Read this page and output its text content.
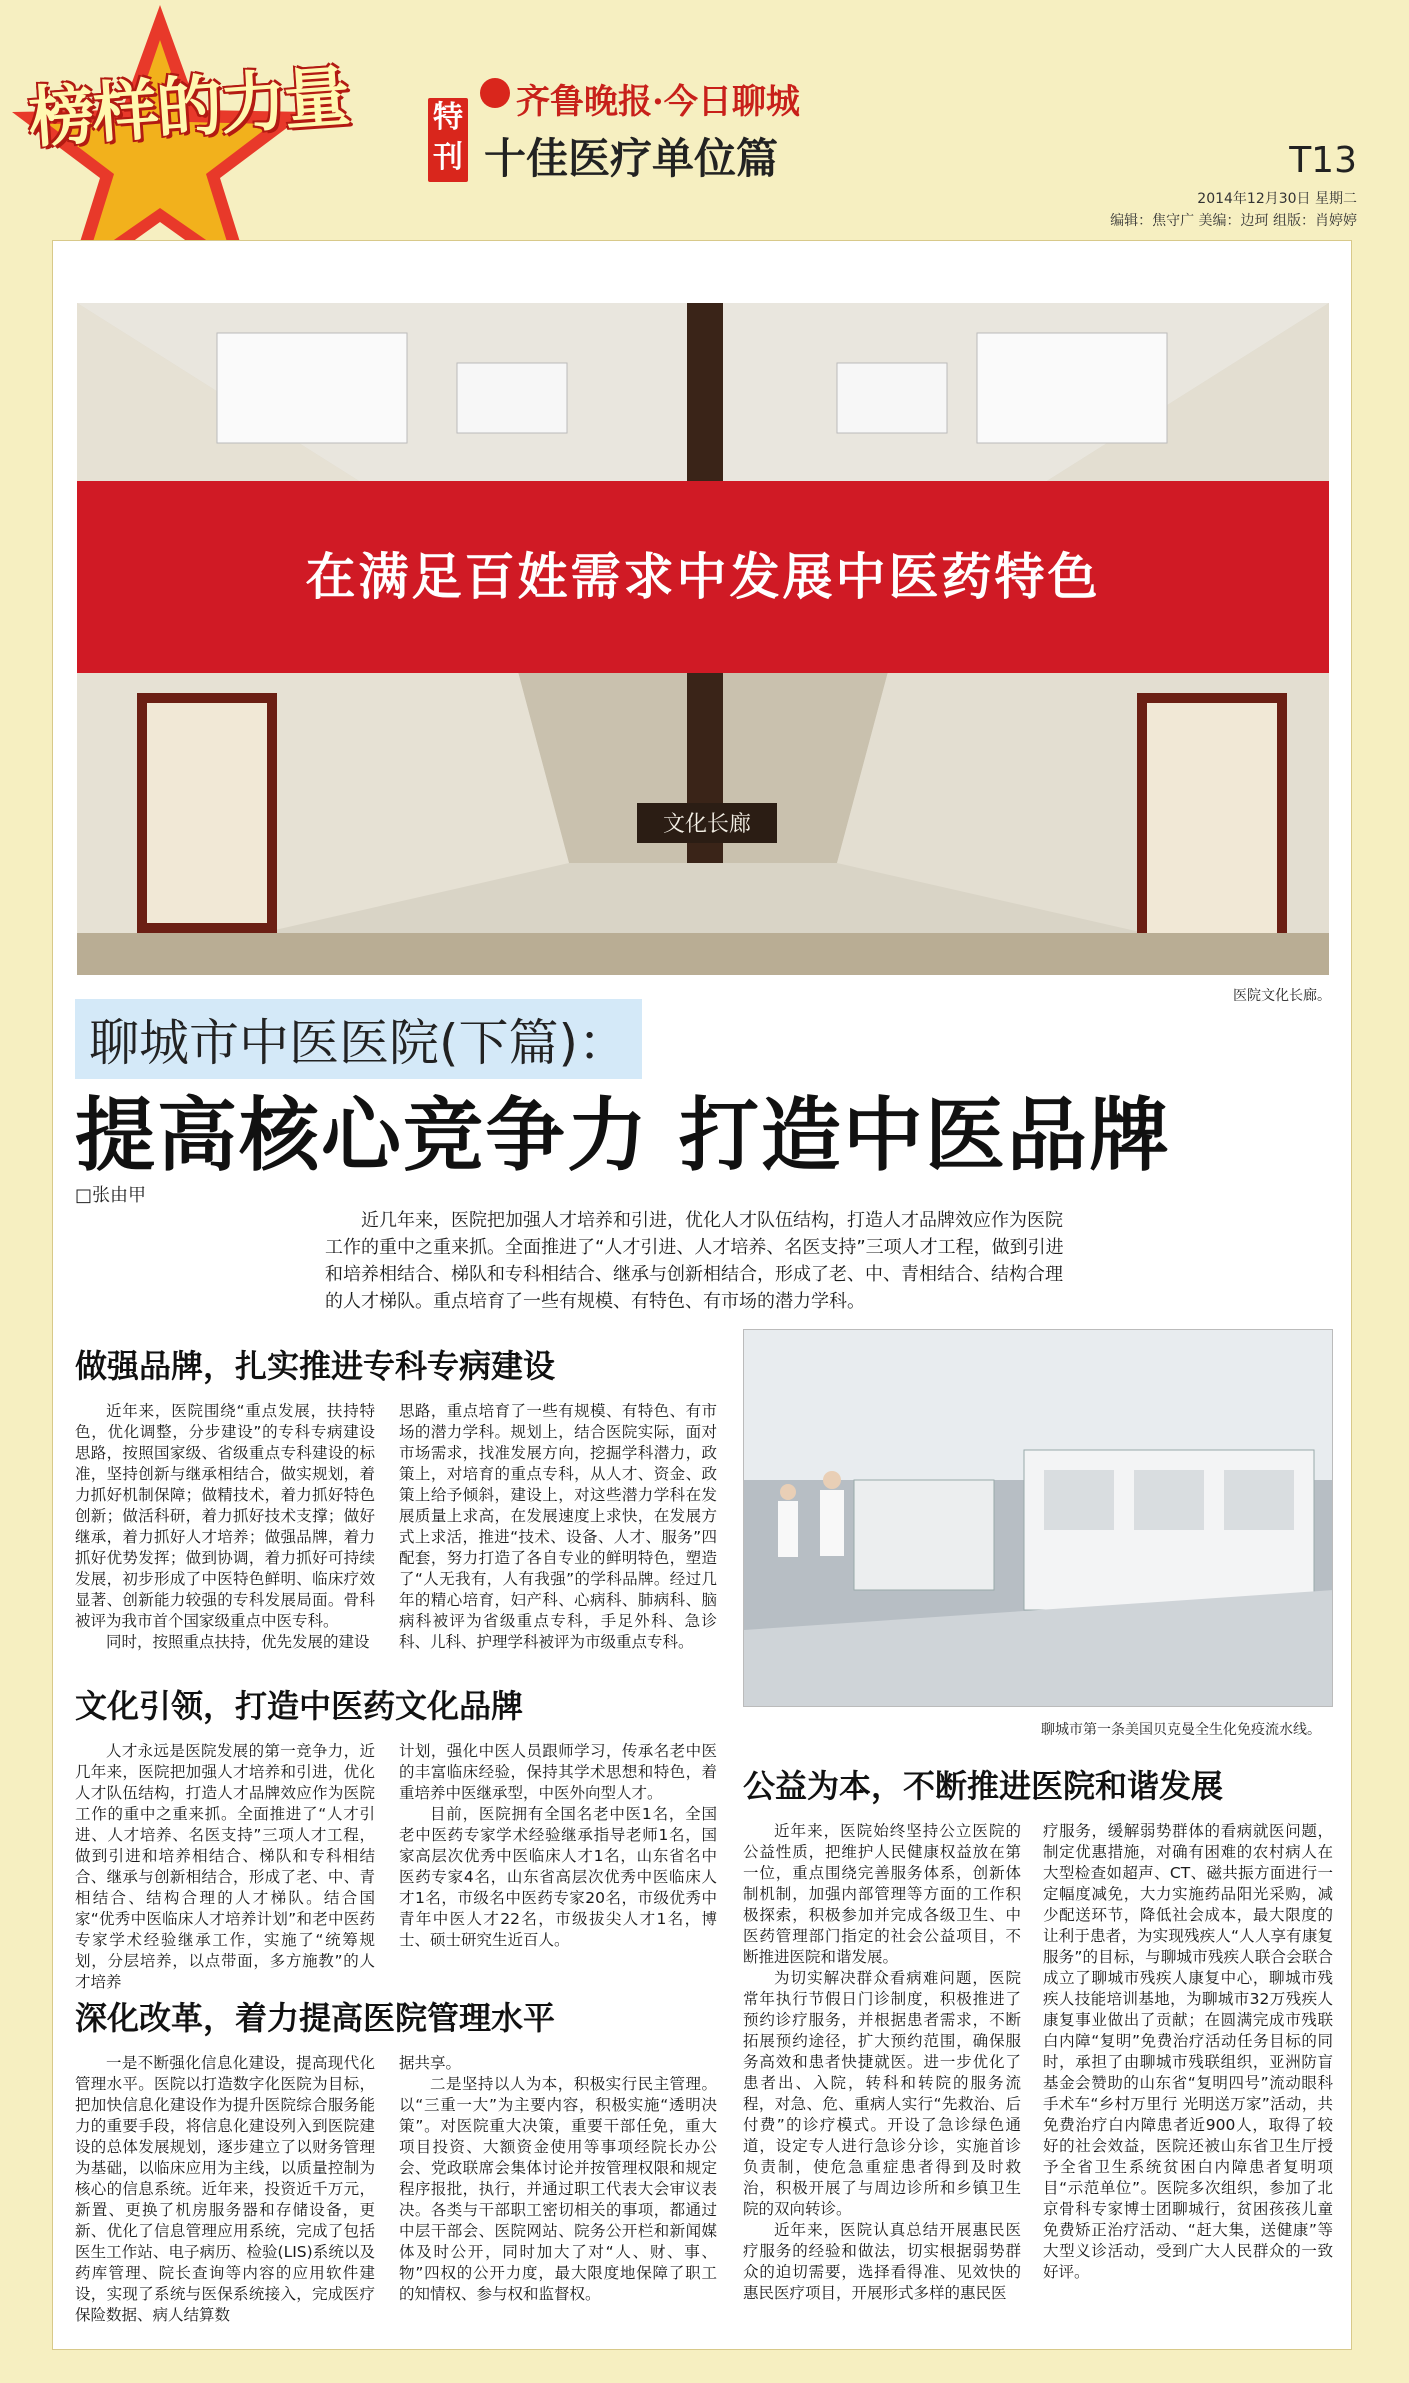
榜样的力量	特刊
齐鲁晚报·今日聊城
十佳医疗单位篇	T13
2014年12月30日 星期二
编辑：焦守广 美编：边珂 组版：肖婷婷
文化长廊
在满足百姓需求中发展中医药特色
医院文化长廊。
聊城市中医医院(下篇)：
提高核心竞争力 打造中医品牌
□张由甲
近几年来，医院把加强人才培养和引进，优化人才队伍结构，打造人才品牌效应作为医院工作的重中之重来抓。全面推进了“人才引进、人才培养、名医支持”三项人才工程，做到引进和培养相结合、梯队和专科相结合、继承与创新相结合，形成了老、中、青相结合、结构合理的人才梯队。重点培育了一些有规模、有特色、有市场的潜力学科。
做强品牌，扎实推进专科专病建设

近年来，医院围绕“重点发展，扶持特色，优化调整，分步建设”的专科专病建设思路，按照国家级、省级重点专科建设的标准，坚持创新与继承相结合，做实规划，着力抓好机制保障；做精技术，着力抓好特色创新；做活科研，着力抓好技术支撑；做好继承，着力抓好人才培养；做强品牌，着力抓好优势发挥；做到协调，着力抓好可持续发展，初步形成了中医特色鲜明、临床疗效显著、创新能力较强的专科发展局面。骨科被评为我市首个国家级重点中医专科。

同时，按照重点扶持，优先发展的建设

思路，重点培育了一些有规模、有特色、有市场的潜力学科。规划上，结合医院实际，面对市场需求，找准发展方向，挖掘学科潜力，政策上，对培育的重点专科，从人才、资金、政策上给予倾斜，建设上，对这些潜力学科在发展质量上求高，在发展速度上求快，在发展方式上求活，推进“技术、设备、人才、服务”四配套，努力打造了各自专业的鲜明特色，塑造了“人无我有，人有我强”的学科品牌。经过几年的精心培育，妇产科、心病科、肺病科、脑病科被评为省级重点专科，手足外科、急诊科、儿科、护理学科被评为市级重点专科。

聊城市第一条美国贝克曼全生化免疫流水线。
文化引领，打造中医药文化品牌

人才永远是医院发展的第一竞争力，近几年来，医院把加强人才培养和引进，优化人才队伍结构，打造人才品牌效应作为医院工作的重中之重来抓。全面推进了“人才引进、人才培养、名医支持”三项人才工程，做到引进和培养相结合、梯队和专科相结合、继承与创新相结合，形成了老、中、青相结合、结构合理的人才梯队。结合国家“优秀中医临床人才培养计划”和老中医药专家学术经验继承工作，实施了“统筹规划，分层培养，以点带面，多方施教”的人才培养

计划，强化中医人员跟师学习，传承名老中医的丰富临床经验，保持其学术思想和特色，着重培养中医继承型，中医外向型人才。

目前，医院拥有全国名老中医1名，全国老中医药专家学术经验继承指导老师1名，国家高层次优秀中医临床人才1名，山东省名中医药专家4名，山东省高层次优秀中医临床人才1名，市级名中医药专家20名，市级优秀中青年中医人才22名，市级拔尖人才1名，博士、硕士研究生近百人。

深化改革，着力提高医院管理水平

一是不断强化信息化建设，提高现代化管理水平。医院以打造数字化医院为目标，把加快信息化建设作为提升医院综合服务能力的重要手段，将信息化建设列入到医院建设的总体发展规划，逐步建立了以财务管理为基础，以临床应用为主线，以质量控制为核心的信息系统。近年来，投资近千万元，新置、更换了机房服务器和存储设备，更新、优化了信息管理应用系统，完成了包括医生工作站、电子病历、检验(LIS)系统以及药库管理、院长查询等内容的应用软件建设，实现了系统与医保系统接入，完成医疗保险数据、病人结算数

据共享。

二是坚持以人为本，积极实行民主管理。以“三重一大”为主要内容，积极实施“透明决策”。对医院重大决策，重要干部任免，重大项目投资、大额资金使用等事项经院长办公会、党政联席会集体讨论并按管理权限和规定程序报批，执行，并通过职工代表大会审议表决。各类与干部职工密切相关的事项，都通过中层干部会、医院网站、院务公开栏和新闻媒体及时公开，同时加大了对“人、财、事、物”四权的公开力度，最大限度地保障了职工的知情权、参与权和监督权。

公益为本，不断推进医院和谐发展

近年来，医院始终坚持公立医院的公益性质，把维护人民健康权益放在第一位，重点围绕完善服务体系，创新体制机制，加强内部管理等方面的工作积极探索，积极参加并完成各级卫生、中医药管理部门指定的社会公益项目，不断推进医院和谐发展。

为切实解决群众看病难问题，医院常年执行节假日门诊制度，积极推进了预约诊疗服务，并根据患者需求，不断拓展预约途径，扩大预约范围，确保服务高效和患者快捷就医。进一步优化了患者出、入院，转科和转院的服务流程，对急、危、重病人实行“先救治、后付费”的诊疗模式。开设了急诊绿色通道，设定专人进行急诊分诊，实施首诊负责制，使危急重症患者得到及时救治，积极开展了与周边诊所和乡镇卫生院的双向转诊。

近年来，医院认真总结开展惠民医疗服务的经验和做法，切实根据弱势群众的迫切需要，选择看得准、见效快的惠民医疗项目，开展形式多样的惠民医

疗服务，缓解弱势群体的看病就医问题，制定优惠措施，对确有困难的农村病人在大型检查如超声、CT、磁共振方面进行一定幅度减免，大力实施药品阳光采购，减少配送环节，降低社会成本，最大限度的让利于患者，为实现残疾人“人人享有康复服务”的目标，与聊城市残疾人联合会联合成立了聊城市残疾人康复中心，聊城市残疾人技能培训基地，为聊城市32万残疾人康复事业做出了贡献；在圆满完成市残联白内障“复明”免费治疗活动任务目标的同时，承担了由聊城市残联组织，亚洲防盲基金会赞助的山东省“复明四号”流动眼科手术车“乡村万里行 光明送万家”活动，共免费治疗白内障患者近900人，取得了较好的社会效益，医院还被山东省卫生厅授予全省卫生系统贫困白内障患者复明项目“示范单位”。医院多次组织，参加了北京骨科专家博士团聊城行，贫困孩孩儿童免费矫正治疗活动、“赶大集，送健康”等大型义诊活动，受到广大人民群众的一致好评。
